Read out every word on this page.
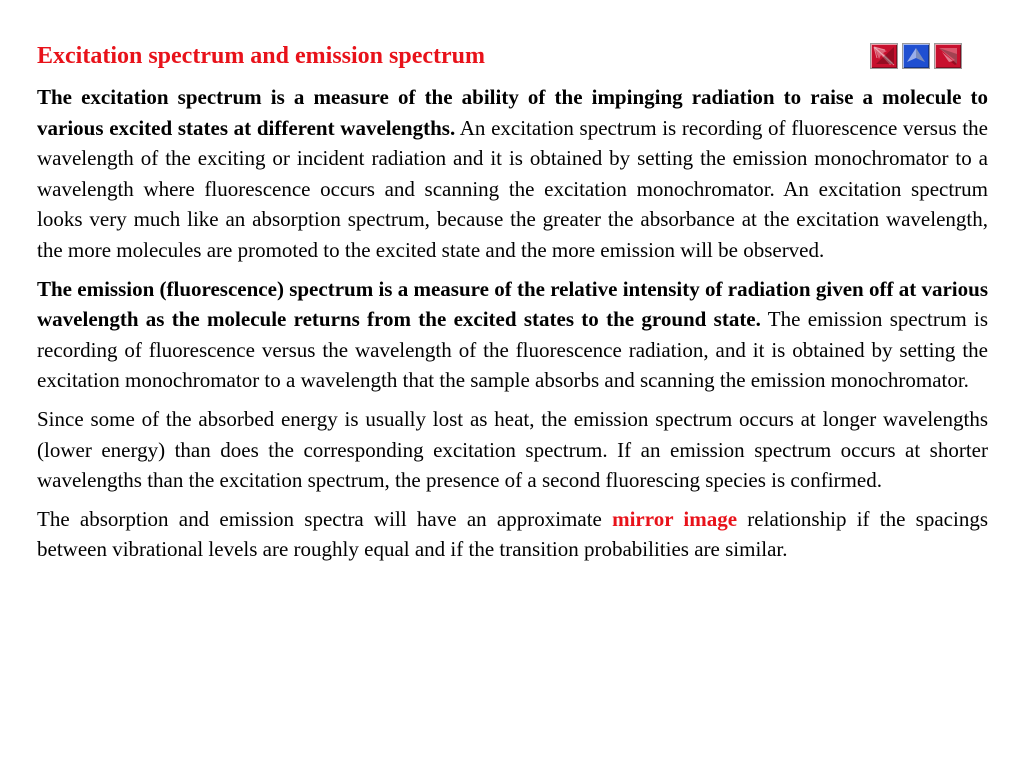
Excitation spectrum and emission spectrum

The excitation spectrum is a measure of the ability of the impinging radiation to raise a molecule to various excited states at different wavelengths. An excitation spectrum is recording of fluorescence versus the wavelength of the exciting or incident radiation and it is obtained by setting the emission monochromator to a wavelength where fluorescence occurs and scanning the excitation monochromator. An excitation spectrum looks very much like an absorption spectrum, because the greater the absorbance at the excitation wavelength, the more molecules are promoted to the excited state and the more emission will be observed.

The emission (fluorescence) spectrum is a measure of the relative intensity of radiation given off at various wavelength as the molecule returns from the excited states to the ground state. The emission spectrum is recording of fluorescence versus the wavelength of the fluorescence radiation, and it is obtained by setting the excitation monochromator to a wavelength that the sample absorbs and scanning the emission monochromator.

Since some of the absorbed energy is usually lost as heat, the emission spectrum occurs at longer wavelengths (lower energy) than does the corresponding excitation spectrum. If an emission spectrum occurs at shorter wavelengths than the excitation spectrum, the presence of a second fluorescing species is confirmed.

The absorption and emission spectra will have an approximate mirror image relationship if the spacings between vibrational levels are roughly equal and if the transition probabilities are similar.
